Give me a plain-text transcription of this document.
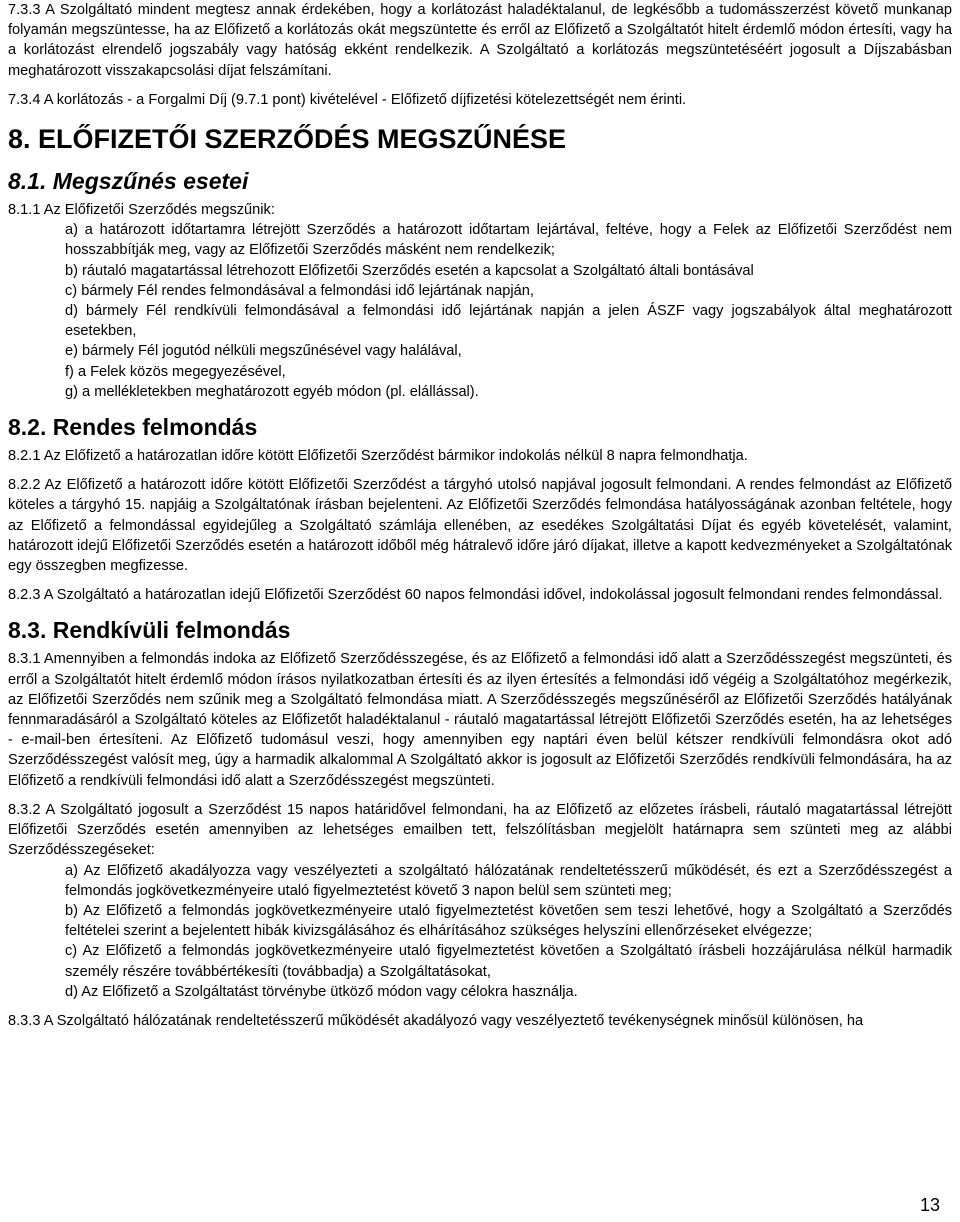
7.3.3 A Szolgáltató mindent megtesz annak érdekében, hogy a korlátozást haladéktalanul, de legkésőbb a tudomásszerzést követő munkanap folyamán megszüntesse, ha az Előfizető a korlátozás okát megszüntette és erről az Előfizető a Szolgáltatót hitelt érdemlő módon értesíti, vagy ha a korlátozást elrendelő jogszabály vagy hatóság ekként rendelkezik. A Szolgáltató a korlátozás megszüntetéséért jogosult a Díjszabásban meghatározott visszakapcsolási díjat felszámítani.

7.3.4 A korlátozás - a Forgalmi Díj (9.7.1 pont) kivételével - Előfizető díjfizetési kötelezettségét nem érinti.

8. ELŐFIZETŐI SZERZŐDÉS MEGSZŰNÉSE
8.1. Megszűnés esetei

8.1.1 Az Előfizetői Szerződés megszűnik:

a) a határozott időtartamra létrejött Szerződés a határozott időtartam lejártával, feltéve, hogy a Felek az Előfizetői Szerződést nem hosszabbítják meg, vagy az Előfizetői Szerződés másként nem rendelkezik;

b) ráutaló magatartással létrehozott Előfizetői Szerződés esetén a kapcsolat a Szolgáltató általi bontásával

c) bármely Fél rendes felmondásával a felmondási idő lejártának napján,

d) bármely Fél rendkívüli felmondásával a felmondási idő lejártának napján a jelen ÁSZF vagy jogszabályok által meghatározott esetekben,

e) bármely Fél jogutód nélküli megszűnésével vagy halálával,

f) a Felek közös megegyezésével,

g) a mellékletekben meghatározott egyéb módon (pl. elállással).

8.2. Rendes felmondás

8.2.1 Az Előfizető a határozatlan időre kötött Előfizetői Szerződést bármikor indokolás nélkül 8 napra felmondhatja.

8.2.2 Az Előfizető a határozott időre kötött Előfizetői Szerződést a tárgyhó utolsó napjával jogosult felmondani. A rendes felmondást az Előfizető köteles a tárgyhó 15. napjáig a Szolgáltatónak írásban bejelenteni. Az Előfizetői Szerződés felmondása hatályosságának azonban feltétele, hogy az Előfizető a felmondással egyidejűleg a Szolgáltató számlája ellenében, az esedékes Szolgáltatási Díjat és egyéb követelését, valamint, határozott idejű Előfizetői Szerződés esetén a határozott időből még hátralevő időre járó díjakat, illetve a kapott kedvezményeket a Szolgáltatónak egy összegben megfizesse.

8.2.3 A Szolgáltató a határozatlan idejű Előfizetői Szerződést 60 napos felmondási idővel, indokolással jogosult felmondani rendes felmondással.

8.3. Rendkívüli felmondás

8.3.1 Amennyiben a felmondás indoka az Előfizető Szerződésszegése, és az Előfizető a felmondási idő alatt a Szerződésszegést megszünteti, és erről a Szolgáltatót hitelt érdemlő módon írásos nyilatkozatban értesíti és az ilyen értesítés a felmondási idő végéig a Szolgáltatóhoz megérkezik, az Előfizetői Szerződés nem szűnik meg a Szolgáltató felmondása miatt. A Szerződésszegés megszűnéséről az Előfizetői Szerződés hatályának fennmaradásáról a Szolgáltató köteles az Előfizetőt haladéktalanul - ráutaló magatartással létrejött Előfizetői Szerződés esetén, ha az lehetséges - e-mail-ben értesíteni. Az Előfizető tudomásul veszi, hogy amennyiben egy naptári éven belül kétszer rendkívüli felmondásra okot adó Szerződésszegést valósít meg, úgy a harmadik alkalommal A Szolgáltató akkor is jogosult az Előfizetői Szerződés rendkívüli felmondására, ha az Előfizető a rendkívüli felmondási idő alatt a Szerződésszegést megszünteti.

8.3.2 A Szolgáltató jogosult a Szerződést 15 napos határidővel felmondani, ha az Előfizető az előzetes írásbeli, ráutaló magatartással létrejött Előfizetői Szerződés esetén amennyiben az lehetséges emailben tett, felszólításban megjelölt határnapra sem szünteti meg az alábbi Szerződésszegéseket:

a) Az Előfizető akadályozza vagy veszélyezteti a szolgáltató hálózatának rendeltetésszerű működését, és ezt a Szerződésszegést a felmondás jogkövetkezményeire utaló figyelmeztetést követő 3 napon belül sem szünteti meg;

b) Az Előfizető a felmondás jogkövetkezményeire utaló figyelmeztetést követően sem teszi lehetővé, hogy a Szolgáltató a Szerződés feltételei szerint a bejelentett hibák kivizsgálásához és elhárításához szükséges helyszíni ellenőrzéseket elvégezze;

c) Az Előfizető a felmondás jogkövetkezményeire utaló figyelmeztetést követően a Szolgáltató írásbeli hozzájárulása nélkül harmadik személy részére továbbértékesíti (továbbadja) a Szolgáltatásokat,

d) Az Előfizető a Szolgáltatást törvénybe ütköző módon vagy célokra használja.

8.3.3 A Szolgáltató hálózatának rendeltetésszerű működését akadályozó vagy veszélyeztető tevékenységnek minősül különösen, ha

13
